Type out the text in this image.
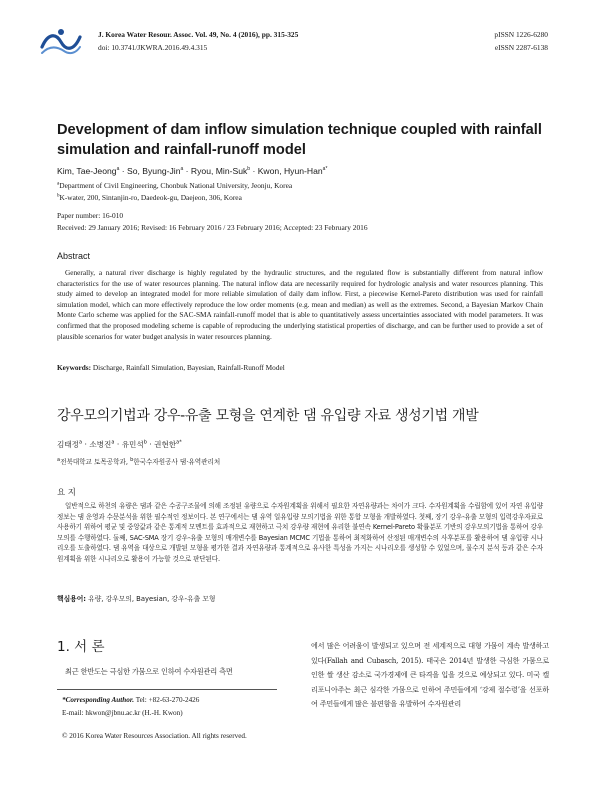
J. Korea Water Resour. Assoc. Vol. 49, No. 4 (2016), pp. 315-325
doi: 10.3741/JKWRA.2016.49.4.315
pISSN 1226-6280
eISSN 2287-6138
Development of dam inflow simulation technique coupled with rainfall simulation and rainfall-runoff model
Kim, Tae-Jeong$^a$ · So, Byung-Jin$^a$ · Ryou, Min-Suk$^b$ · Kwon, Hyun-Han$^{a*}$
$^a$Department of Civil Engineering, Chonbuk National University, Jeonju, Korea
$^b$K-water, 200, Sintanjin-ro, Daedeok-gu, Daejeon, 306, Korea
Paper number: 16-010
Received: 29 January 2016; Revised: 16 February 2016 / 23 February 2016; Accepted: 23 February 2016
Abstract
Generally, a natural river discharge is highly regulated by the hydraulic structures, and the regulated flow is substantially different from natural inflow characteristics for the use of water resources planning. The natural inflow data are necessarily required for hydrologic analysis and water resources planning. This study aimed to develop an integrated model for more reliable simulation of daily dam inflow. First, a piecewise Kernel-Pareto distribution was used for rainfall simulation model, which can more effectively reproduce the low order moments (e.g. mean and median) as well as the extremes. Second, a Bayesian Markov Chain Monte Carlo scheme was applied for the SAC-SMA rainfall-runoff model that is able to quantitatively assess uncertainties associated with model parameters. It was confirmed that the proposed modeling scheme is capable of reproducing the underlying statistical properties of discharge, and can be further used to provide a set of plausible scenarios for water budget analysis in water resources planning.
Keywords: Discharge, Rainfall Simulation, Bayesian, Rainfall-Runoff Model
강우모의기법과 강우-유출 모형을 연계한 댐 유입량 자료 생성기법 개발
김태정$^a$ · 소병진$^a$ · 유민석$^b$ · 권현한$^{a*}$
$^a$전북대학교 토목공학과, $^b$한국수자원공사 댐·유역관리처
요 지
일반적으로 하천의 유량은 댐과 같은 수공구조물에 의해 조정된 유량으로 수자원계획을 위해서 필요한 자연유량과는 차이가 크다. 수자원계획을 수립함에 있어 자연 유입량 정보는 댐 운영과 수문분석을 위한 필수적인 정보이다. 본 연구에서는 댐 유역 일유입량 모의기법을 위한 통합 모형을 개발하였다. 첫째, 장기 강우-유출 모형의 입력강우자료로 사용하기 위하여 평균 및 중앙값과 같은 통계적 모멘트를 효과적으로 재현하고 극치 강우량 재현에 유리한 불연속 Kernel-Pareto 확률분포 기반의 강우모의기법을 통하여 강우모의를 수행하였다. 둘째, SAC-SMA 장기 강우-유출 모형의 매개변수를 Bayesian MCMC 기법을 통하여 최적화하여 산정된 매개변수의 사후분포를 활용하여 댐 유입량 시나리오를 도출하였다. 댐 유역을 대상으로 개발된 모형을 평가한 결과 자연유량과 통계적으로 유사한 특성을 가지는 시나리오를 생성할 수 있었으며, 물수지 분석 등과 같은 수자원계획을 위한 시나리오로 활용이 가능할 것으로 판단된다.
핵심용어: 유량, 강우모의, Bayesian, 강우-유출 모형
1. 서 론
최근 한반도는 극심한 가뭄으로 인하여 수자원관리 측면
에서 많은 어려움이 발생되고 있으며 전 세계적으로 대형 가뭄이 계속 발생하고 있다(Fallah and Cubasch, 2015). 태국은 2014년 발생한 극심한 가뭄으로 인한 쌀 생산 감소로 국가경제에 큰 타격을 입을 것으로 예상되고 있다. 미국 캘리포니아주는 최근 심각한 가뭄으로 인하여 주민들에게 ‘강제 절수령’을 선포하여 주민들에게 많은 불편함을 유발하여 수자원관리
*Corresponding Author. Tel: +82-63-270-2426
E-mail: hkwon@jbnu.ac.kr (H.-H. Kwon)
© 2016 Korea Water Resources Association. All rights reserved.
